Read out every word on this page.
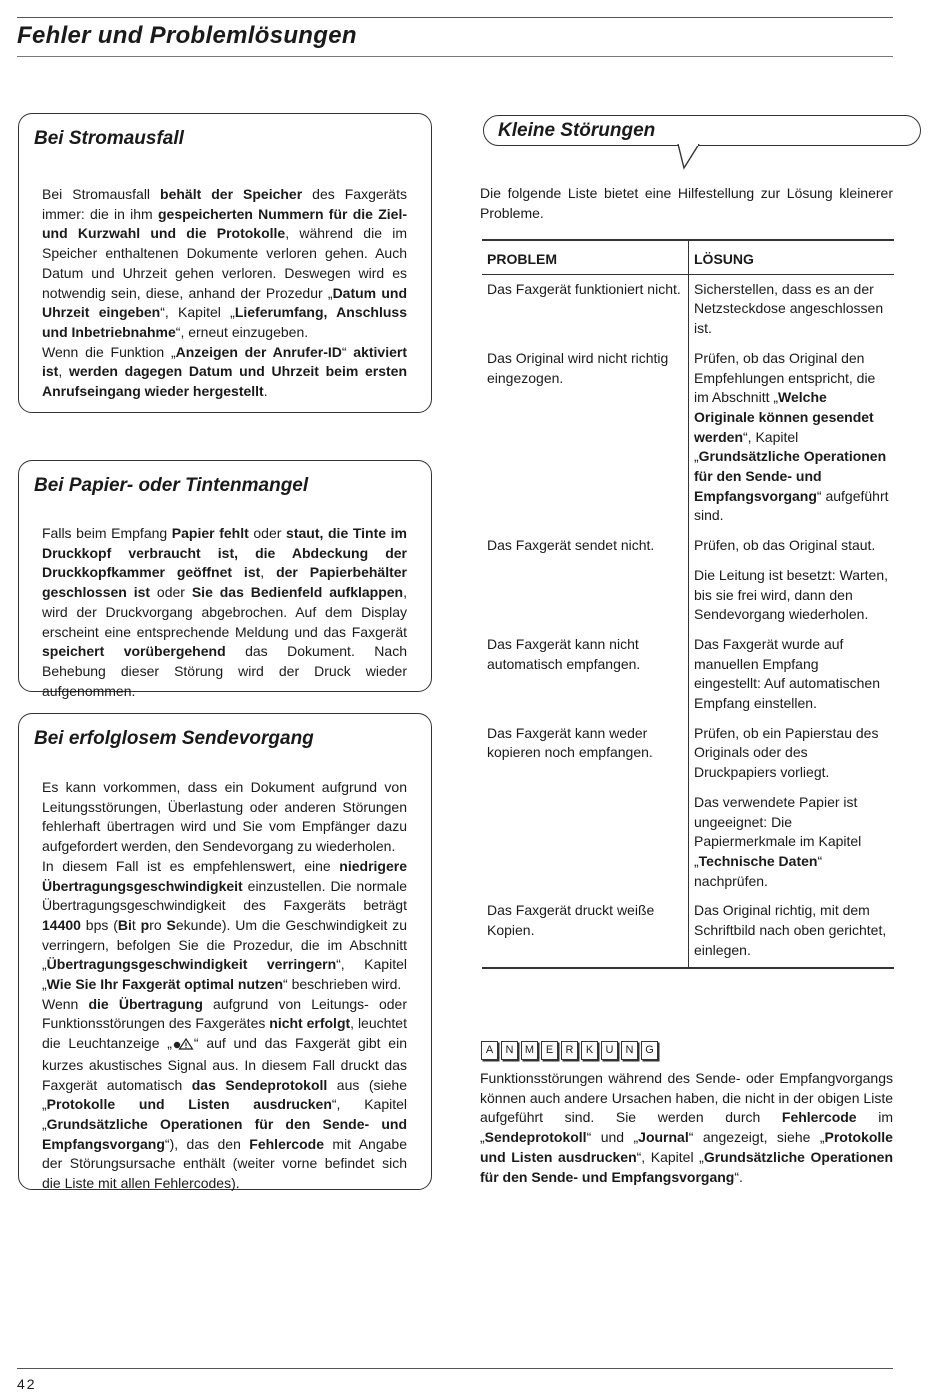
Fehler und Problemlösungen
Bei Stromausfall

Bei Stromausfall behält der Speicher des Faxgeräts immer: die in ihm gespeicherten Nummern für die Ziel- und Kurzwahl und die Protokolle, während die im Speicher enthaltenen Dokumente verloren gehen. Auch Datum und Uhrzeit gehen verloren. Deswegen wird es notwendig sein, diese, anhand der Prozedur „Datum und Uhrzeit eingeben“, Kapitel „Lieferumfang, Anschluss und Inbetriebnahme“, erneut einzugeben.

Wenn die Funktion „Anzeigen der Anrufer-ID“ aktiviert ist, werden dagegen Datum und Uhrzeit beim ersten Anrufseingang wieder hergestellt.

Bei Papier- oder Tintenmangel

Falls beim Empfang Papier fehlt oder staut, die Tinte im Druckkopf verbraucht ist, die Abdeckung der Druckkopfkammer geöffnet ist, der Papierbehälter geschlossen ist oder Sie das Bedienfeld aufklappen, wird der Druckvorgang abgebrochen. Auf dem Display erscheint eine entsprechende Meldung und das Faxgerät speichert vorübergehend das Dokument. Nach Behebung dieser Störung wird der Druck wieder aufgenommen.

Bei erfolglosem Sendevorgang

Es kann vorkommen, dass ein Dokument aufgrund von Leitungsstörungen, Überlastung oder anderen Störungen fehlerhaft übertragen wird und Sie vom Empfänger dazu aufgefordert werden, den Sendevorgang zu wiederholen.

In diesem Fall ist es empfehlenswert, eine niedrigere Übertragungsgeschwindigkeit einzustellen. Die normale Übertragungsgeschwindigkeit des Faxgeräts beträgt 14400 bps (Bit pro Sekunde). Um die Geschwindigkeit zu verringern, befolgen Sie die Prozedur, die im Abschnitt „Übertragungsgeschwindigkeit verringern“, Kapitel „Wie Sie Ihr Faxgerät optimal nutzen“ beschrieben wird.

Wenn die Übertragung aufgrund von Leitungs- oder Funktionsstörungen des Faxgerätes nicht erfolgt, leuchtet die Leuchtanzeige „ “ auf und das Faxgerät gibt ein kurzes akustisches Signal aus. In diesem Fall druckt das Faxgerät automatisch das Sendeprotokoll aus (siehe „Protokolle und Listen ausdrucken“, Kapitel „Grundsätzliche Operationen für den Sende- und Empfangsvorgang“), das den Fehlercode mit Angabe der Störungsursache enthält (weiter vorne befindet sich die Liste mit allen Fehlercodes).

Kleine Störungen
Die folgende Liste bietet eine Hilfestellung zur Lösung kleinerer Probleme.
PROBLEM	LÖSUNG
Das Faxgerät funktioniert nicht.	Sicherstellen, dass es an der Netzsteckdose angeschlossen ist.
Das Original wird nicht richtig eingezogen.	Prüfen, ob das Original den Empfehlungen entspricht, die im Abschnitt „Welche Originale können gesendet werden“, Kapitel „Grundsätzliche Operationen für den Sende- und Empfangsvorgang“ aufgeführt sind.
Das Faxgerät sendet nicht.	Prüfen, ob das Original staut.
	Die Leitung ist besetzt: Warten, bis sie frei wird, dann den Sendevorgang wiederholen.
Das Faxgerät kann nicht automatisch empfangen.	Das Faxgerät wurde auf manuellen Empfang eingestellt: Auf automatischen Empfang einstellen.
Das Faxgerät kann weder kopieren noch empfangen.	Prüfen, ob ein Papierstau des Originals oder des Druckpapiers vorliegt.
	Das verwendete Papier ist ungeeignet: Die Papiermerkmale im Kapitel „Technische Daten“ nachprüfen.
Das Faxgerät druckt weiße Kopien.	Das Original richtig, mit dem Schriftbild nach oben gerichtet, einlegen.
A	N	M	E	R	K	U	N	G
Funktionsstörungen während des Sende- oder Empfangvorgangs können auch andere Ursachen haben, die nicht in der obigen Liste aufgeführt sind. Sie werden durch Fehlercode im „Sendeprotokoll“ und „Journal“ angezeigt, siehe „Protokolle und Listen ausdrucken“, Kapitel „Grundsätzliche Operationen für den Sende- und Empfangsvorgang“.
42
